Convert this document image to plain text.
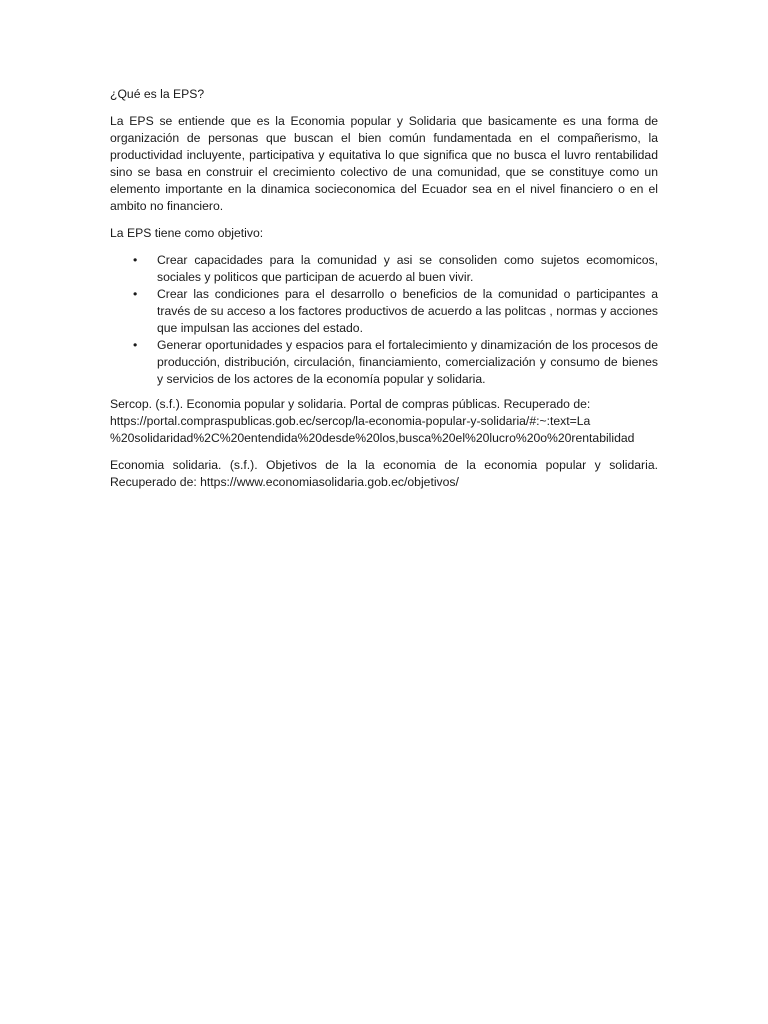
¿Qué es la EPS?

La EPS se entiende que es la Economia popular y Solidaria que basicamente es una forma de organización de personas que buscan el bien común fundamentada en el compañerismo, la productividad incluyente, participativa y equitativa lo que significa que no busca el luvro rentabilidad sino se basa en construir el crecimiento colectivo de una comunidad, que se constituye como un elemento importante en la dinamica socieconomica del Ecuador sea en el nivel financiero o en el ambito no financiero.

La EPS tiene como objetivo:

• Crear capacidades para la comunidad y asi se consoliden como sujetos ecomomicos, sociales y politicos que participan de acuerdo al buen vivir.
• Crear las condiciones para el desarrollo o beneficios de la comunidad o participantes a través de su acceso a los factores productivos de acuerdo a las politcas , normas y acciones que impulsan las acciones del estado.
• Generar oportunidades y espacios para el fortalecimiento y dinamización de los procesos de producción, distribución, circulación, financiamiento, comercialización y consumo de bienes y servicios de los actores de la economía popular y solidaria.

Sercop. (s.f.). Economia popular y solidaria. Portal de compras públicas. Recuperado de:
https://portal.compraspublicas.gob.ec/sercop/la-economia-popular-y-solidaria/#:~:text=La
%20solidaridad%2C%20entendida%20desde%20los,busca%20el%20lucro%20o%20rentabilidad

Economia solidaria. (s.f.). Objetivos de la la economia de la economia popular y solidaria. Recuperado de: https://www.economiasolidaria.gob.ec/objetivos/
